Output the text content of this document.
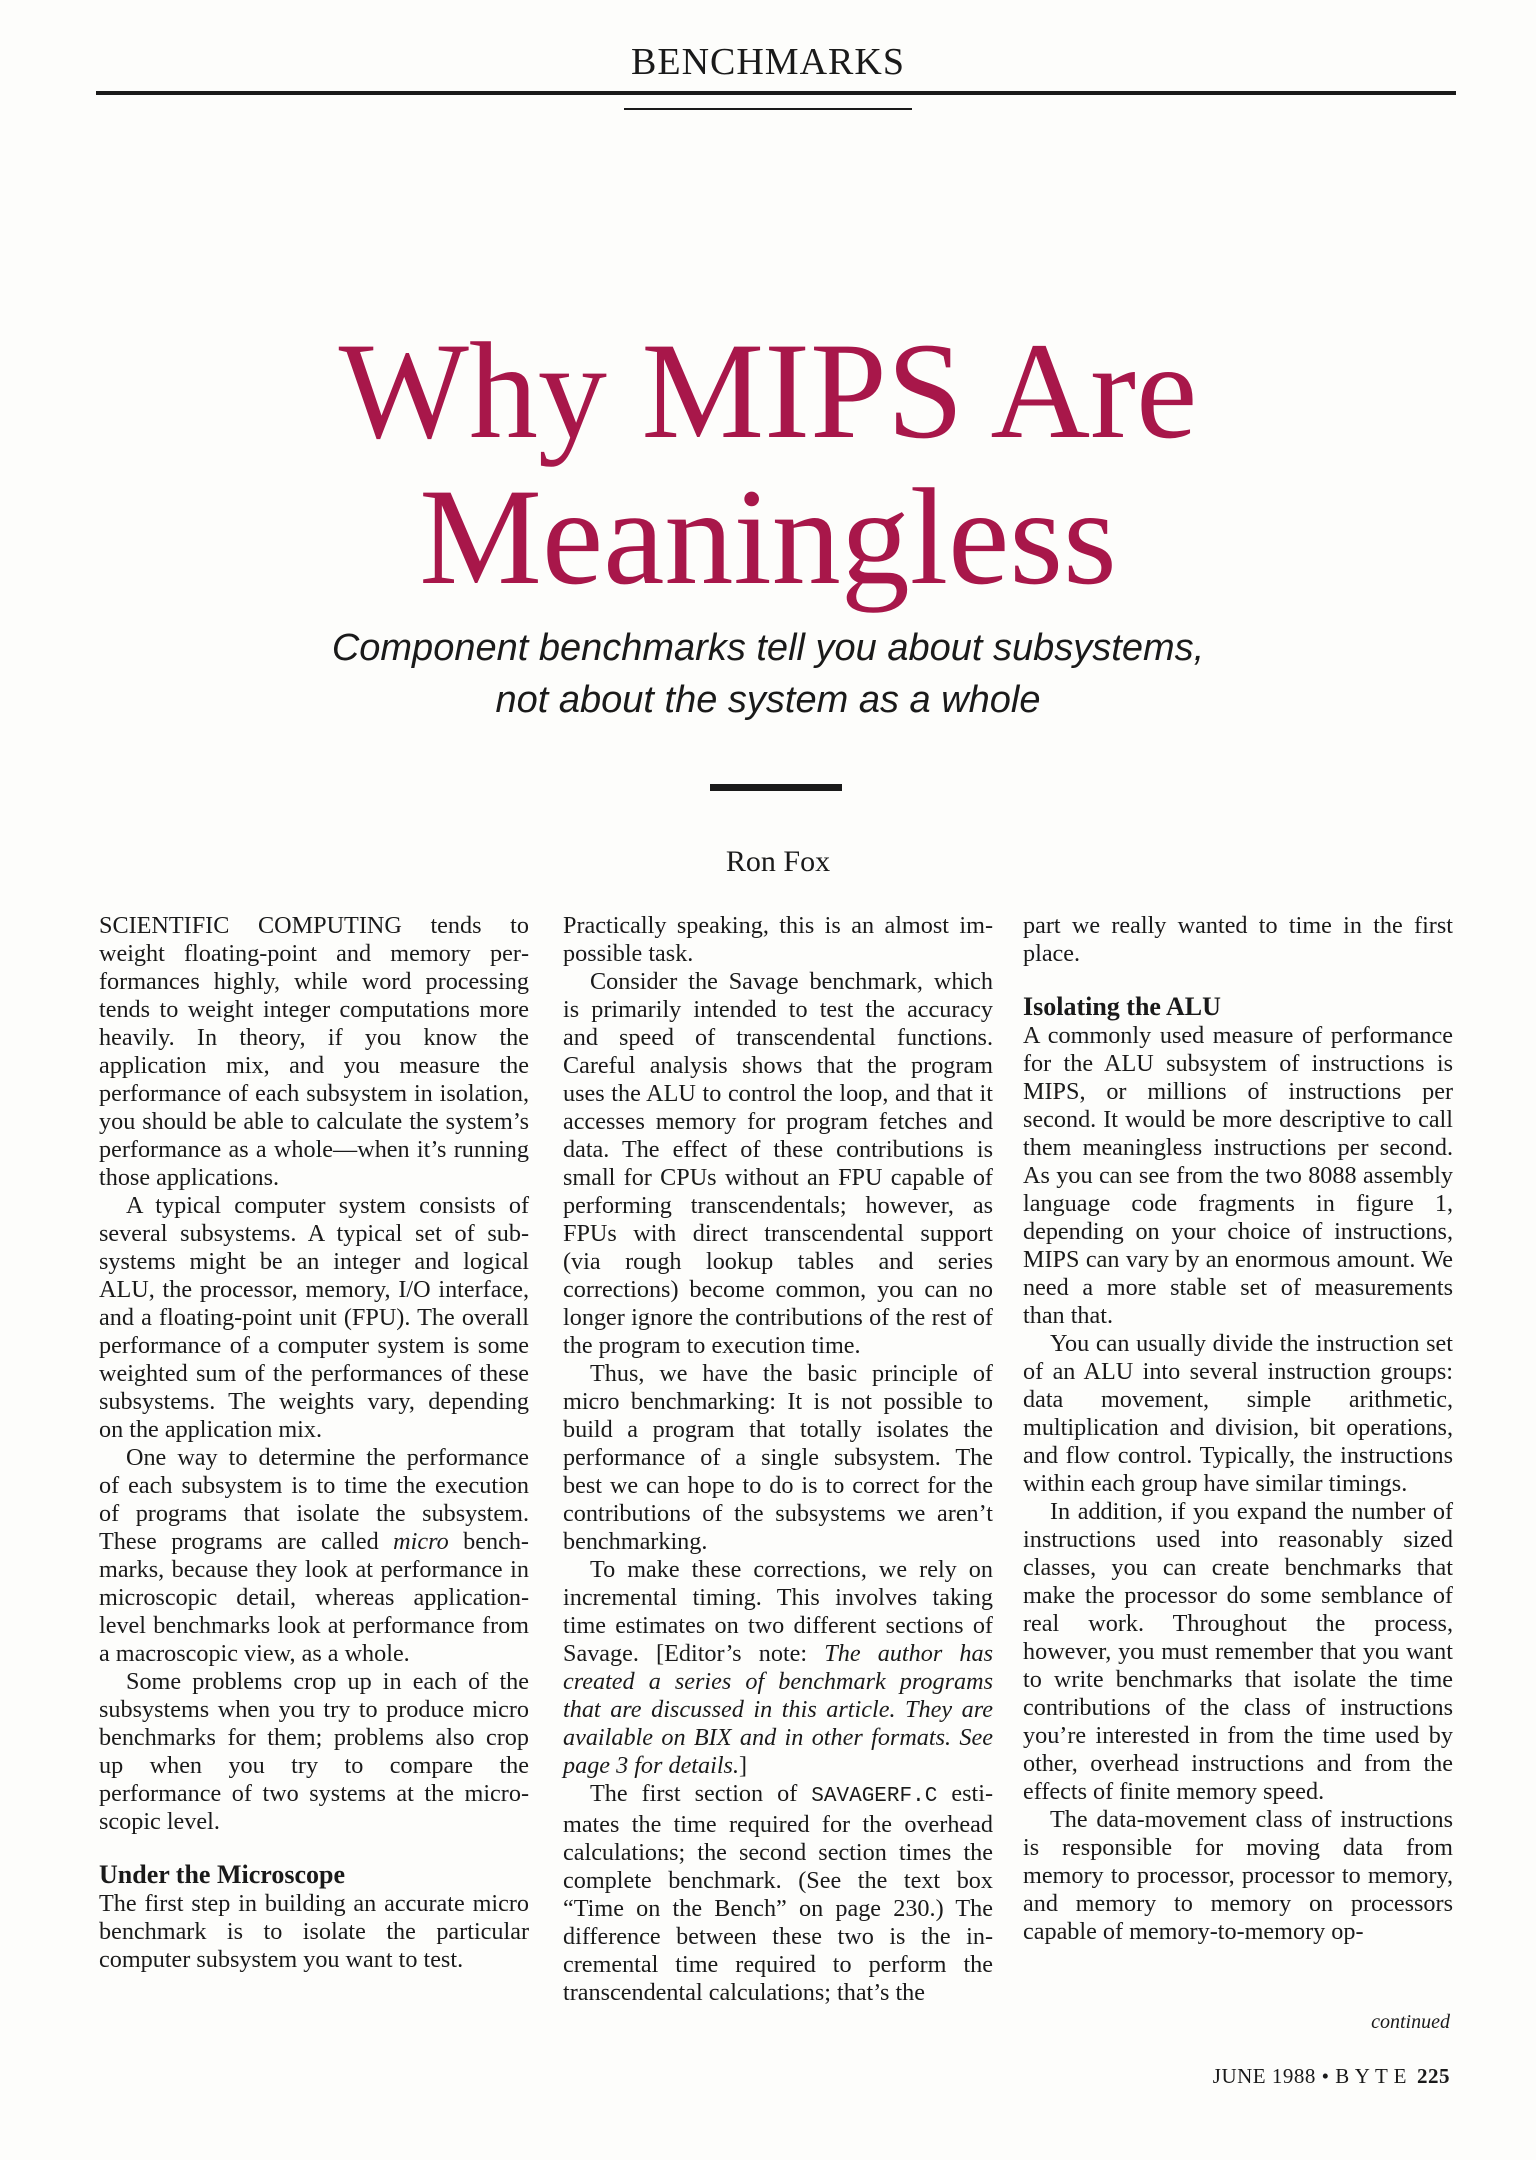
BENCHMARKS
Why MIPS Are
Meaningless
Component benchmarks tell you about subsystems,
not about the system as a whole
Ron Fox

SCIENTIFIC COMPUTING tends to weight floating-point and memory performances highly, while word processing tends to weight integer computations more heavily. In theory, if you know the application mix, and you measure the performance of each subsystem in isolation, you should be able to calculate the system’s performance as a whole—when it’s running those applications.

A typical computer system consists of several subsystems. A typical set of subsystems might be an integer and logical ALU, the processor, memory, I/O interface, and a floating-point unit (FPU). The overall performance of a computer system is some weighted sum of the performances of these subsystems. The weights vary, depending on the application mix.

One way to determine the performance of each subsystem is to time the execution of programs that isolate the subsystem. These programs are called micro benchmarks, because they look at performance in microscopic detail, whereas application-level benchmarks look at performance from a macroscopic view, as a whole.

Some problems crop up in each of the subsystems when you try to produce micro benchmarks for them; problems also crop up when you try to compare the performance of two systems at the microscopic level.

Under the Microscope

The first step in building an accurate micro benchmark is to isolate the particular computer subsystem you want to test.

Practically speaking, this is an almost impossible task.

Consider the Savage benchmark, which is primarily intended to test the accuracy and speed of transcendental functions. Careful analysis shows that the program uses the ALU to control the loop, and that it accesses memory for program fetches and data. The effect of these contributions is small for CPUs without an FPU capable of performing transcendentals; however, as FPUs with direct transcendental support (via rough lookup tables and series corrections) become common, you can no longer ignore the contributions of the rest of the program to execution time.

Thus, we have the basic principle of micro benchmarking: It is not possible to build a program that totally isolates the performance of a single subsystem. The best we can hope to do is to correct for the contributions of the subsystems we aren’t benchmarking.

To make these corrections, we rely on incremental timing. This involves taking time estimates on two different sections of Savage. [Editor’s note: The author has created a series of benchmark programs that are discussed in this article. They are available on BIX and in other formats. See page 3 for details.]

The first section of SAVAGERF.C estimates the time required for the overhead calculations; the second section times the complete benchmark. (See the text box “Time on the Bench” on page 230.) The difference between these two is the incremental time required to perform the transcendental calculations; that’s the

part we really wanted to time in the first place.

Isolating the ALU

A commonly used measure of performance for the ALU subsystem of instructions is MIPS, or millions of instructions per second. It would be more descriptive to call them meaningless instructions per second. As you can see from the two 8088 assembly language code fragments in figure 1, depending on your choice of instructions, MIPS can vary by an enormous amount. We need a more stable set of measurements than that.

You can usually divide the instruction set of an ALU into several instruction groups: data movement, simple arithmetic, multiplication and division, bit operations, and flow control. Typically, the instructions within each group have similar timings.

In addition, if you expand the number of instructions used into reasonably sized classes, you can create benchmarks that make the processor do some semblance of real work. Throughout the process, however, you must remember that you want to write benchmarks that isolate the time contributions of the class of instructions you’re interested in from the time used by other, overhead instructions and from the effects of finite memory speed.

The data-movement class of instructions is responsible for moving data from memory to processor, processor to memory, and memory to memory on processors capable of memory-to-memory op-

continued
JUNE 1988 • B Y T E 225
